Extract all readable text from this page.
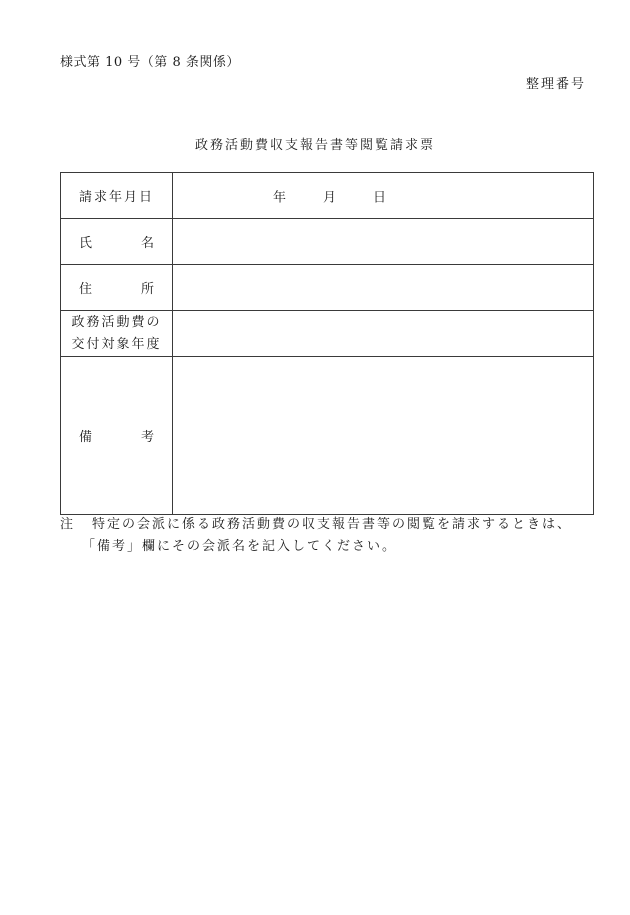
様式第 10 号（第 8 条関係）
整理番号
政務活動費収支報告書等閲覧請求票
請求年月日	年 月 日

氏 名	

住 所	

政務活動費の
交付対象年度	

備 考	

注 特定の会派に係る政務活動費の収支報告書等の閲覧を請求するときは、
「備考」欄にその会派名を記入してください。
